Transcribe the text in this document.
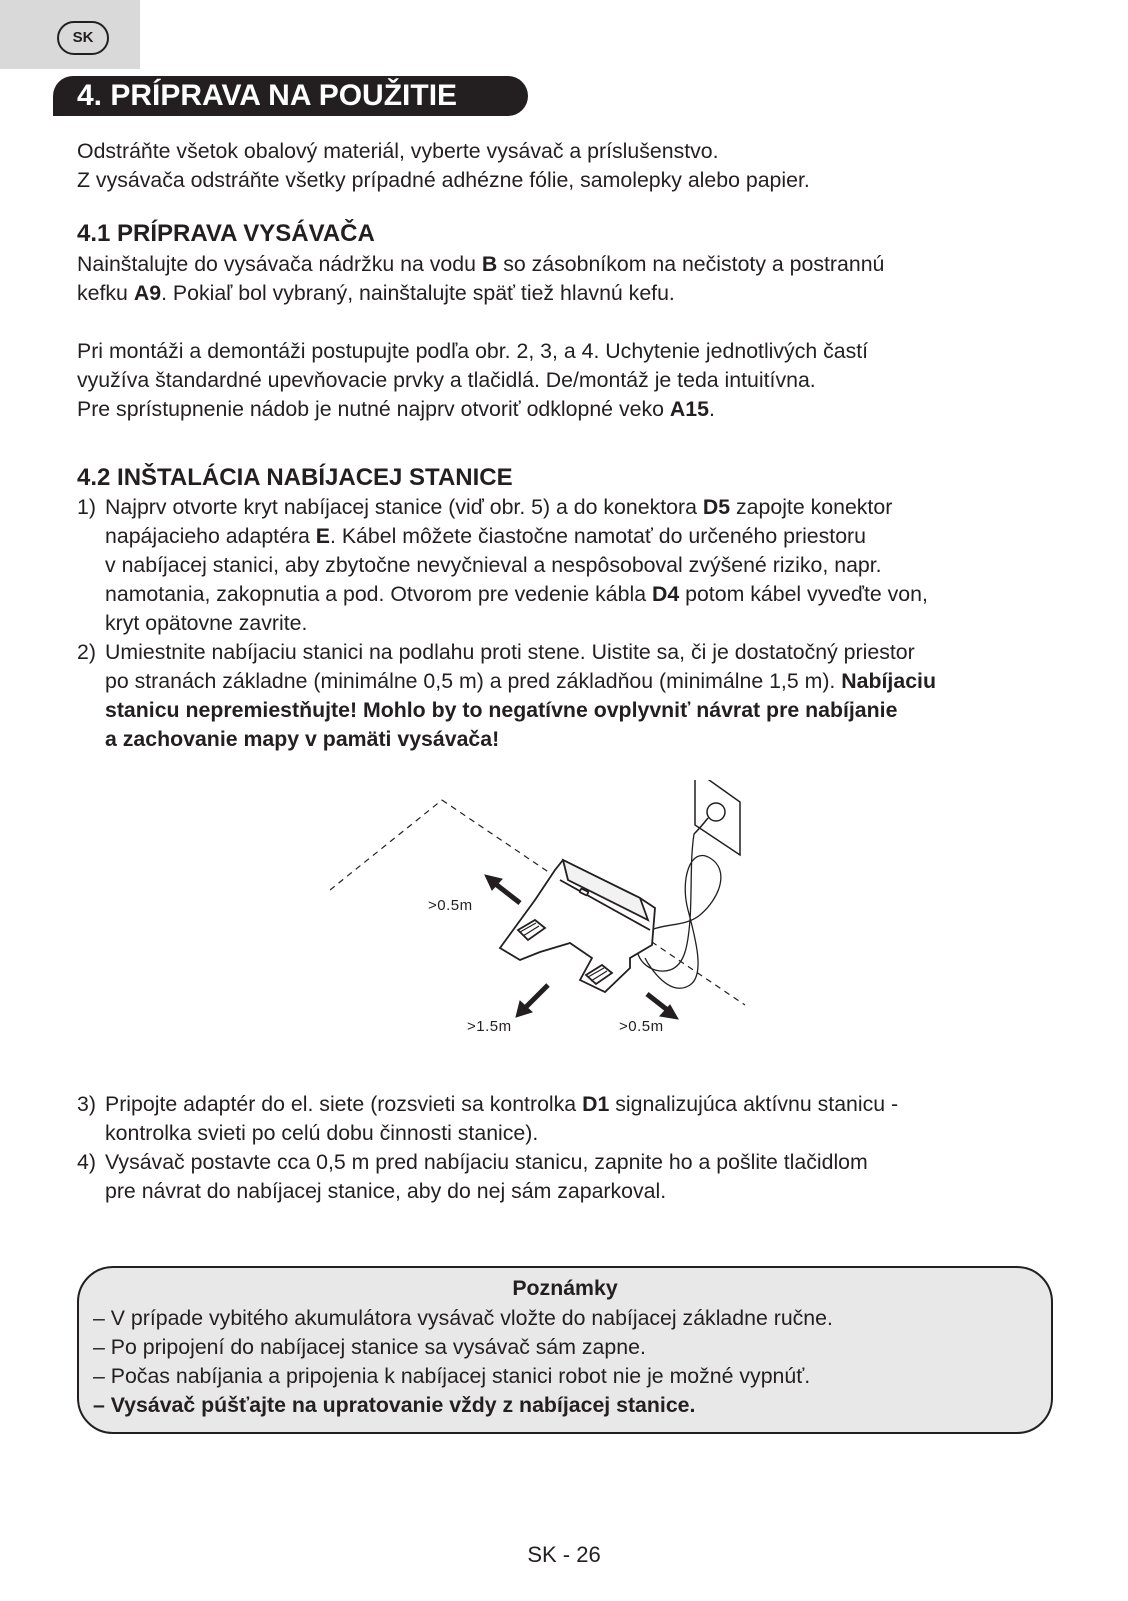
SK
4. PRÍPRAVA NA POUŽITIE
Odstráňte všetok obalový materiál, vyberte vysávač a príslušenstvo.
Z vysávača odstráňte všetky prípadné adhézne fólie, samolepky alebo papier.
4.1 PRÍPRAVA VYSÁVAČA
Nainštalujte do vysávača nádržku na vodu B so zásobníkom na nečistoty a postrannú
kefku A9. Pokiaľ bol vybraný, nainštalujte späť tiež hlavnú kefu.
Pri montáži a demontáži postupujte podľa obr. 2, 3, a 4. Uchytenie jednotlivých častí
využíva štandardné upevňovacie prvky a tlačidlá. De/montáž je teda intuitívna.
Pre sprístupnenie nádob je nutné najprv otvoriť odklopné veko A15.
4.2 INŠTALÁCIA NABÍJACEJ STANICE
1) Najprv otvorte kryt nabíjacej stanice (viď obr. 5) a do konektora D5 zapojte konektor
napájacieho adaptéra E. Kábel môžete čiastočne namotať do určeného priestoru
v nabíjacej stanici, aby zbytočne nevyčnieval a nespôsoboval zvýšené riziko, napr.
namotania, zakopnutia a pod. Otvorom pre vedenie kábla D4 potom kábel vyveďte von,
kryt opätovne zavrite.
2) Umiestnite nabíjaciu stanici na podlahu proti stene. Uistite sa, či je dostatočný priestor
po stranách základne (minimálne 0,5 m) a pred základňou (minimálne 1,5 m). Nabíjaciu
stanicu nepremiestňujte! Mohlo by to negatívne ovplyvniť návrat pre nabíjanie
a zachovanie mapy v pamäti vysávača!
>0.5m
>1.5m	>0.5m
3) Pripojte adaptér do el. siete (rozsvieti sa kontrolka D1 signalizujúca aktívnu stanicu -
kontrolka svieti po celú dobu činnosti stanice).
4) Vysávač postavte cca 0,5 m pred nabíjaciu stanicu, zapnite ho a pošlite tlačidlom
pre návrat do nabíjacej stanice, aby do nej sám zaparkoval.
Poznámky
– V prípade vybitého akumulátora vysávač vložte do nabíjacej základne ručne.
– Po pripojení do nabíjacej stanice sa vysávač sám zapne.
– Počas nabíjania a pripojenia k nabíjacej stanici robot nie je možné vypnúť.
– Vysávač púšťajte na upratovanie vždy z nabíjacej stanice.
SK - 26
